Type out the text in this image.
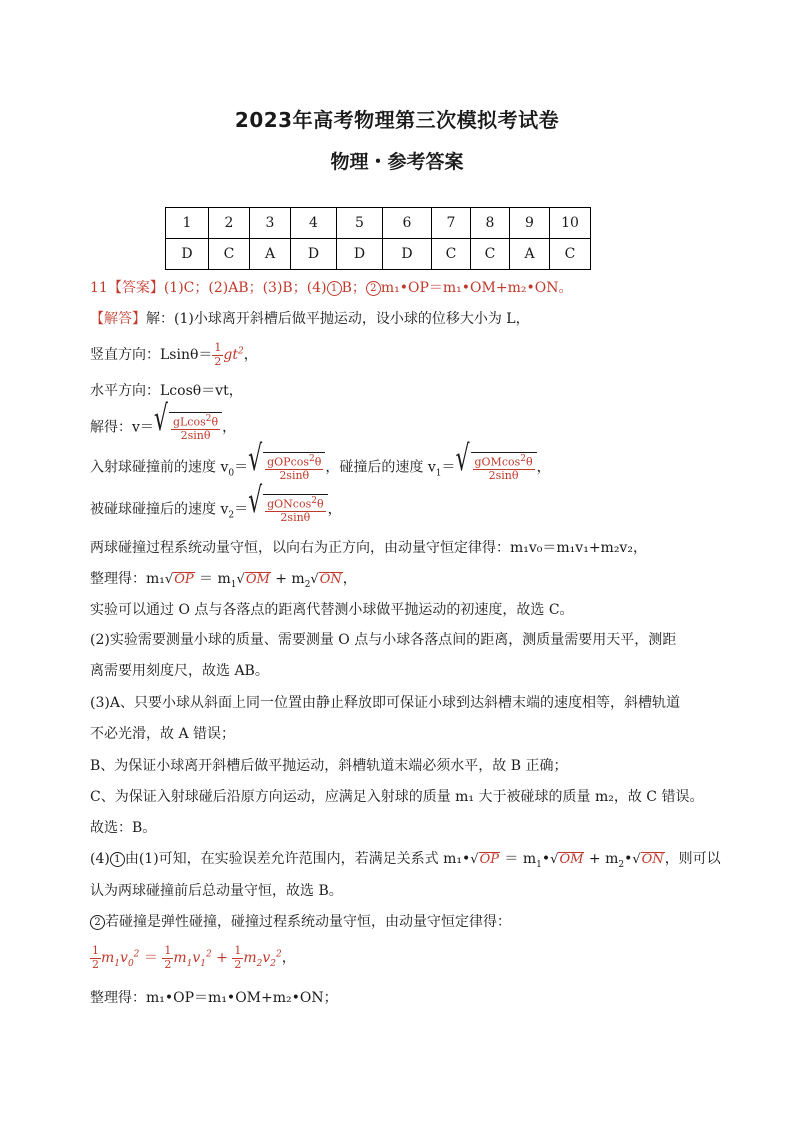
2023年高考物理第三次模拟考试卷
物理・参考答案
1	2	3	4	5	6	7	8	9	10
D	C	A	D	D	D	C	C	A	C
11【答案】(1)C；(2)AB；(3)B；(4) 1 B； 2 m₁•OP＝m₁•OM+m₂•ON。
【解答】解：(1)小球离开斜槽后做平抛运动，设小球的位移大小为 L，
竖直方向：$Lsin\theta= \frac{1}{2} gt^2$，
水平方向：Lcosθ＝vt，
解得：v＝ √ $\frac{gLcos^2\theta}{2\sin\theta}$ ，
入射球碰撞前的速度 $v_0=$ √ $\frac{gOPcos^2\theta}{2\sin\theta}$ ，碰撞后的速度 $v_1=$ √ $\frac{gOMcos^2\theta}{2\sin\theta}$ ，
被碰球碰撞后的速度 $v_2=$ √ $\frac{gONcos^2\theta}{2\sin\theta}$ ，
两球碰撞过程系统动量守恒，以向右为正方向，由动量守恒定律得：m₁v₀＝m₁v₁+m₂v₂，
整理得：m₁ √ OP ＝ $m_1$ √ OM + $m_2$ √ ON ，
实验可以通过 O 点与各落点的距离代替测小球做平抛运动的初速度，故选 C。
(2)实验需要测量小球的质量、需要测量 O 点与小球各落点间的距离，测质量需要用天平，测距
离需要用刻度尺，故选 AB。
(3)A、只要小球从斜面上同一位置由静止释放即可保证小球到达斜槽末端的速度相等，斜槽轨道
不必光滑，故 A 错误；
B、为保证小球离开斜槽后做平抛运动，斜槽轨道末端必须水平，故 B 正确；
C、为保证入射球碰后沿原方向运动，应满足入射球的质量 m₁ 大于被碰球的质量 m₂，故 C 错误。
故选：B。
(4) 1 由(1)可知，在实验误差允许范围内，若满足关系式 m₁• √ OP ＝ $m_1•$ √ OM + $m_2•$ √ ON ，则可以
认为两球碰撞前后总动量守恒，故选 B。
2 若碰撞是弹性碰撞，碰撞过程系统动量守恒，由动量守恒定律得：
$\frac{1}{2} m_1v_0^2 = \frac{1}{2} m_1v_1^2 + \frac{1}{2} m_2v_2^2$，
整理得：m₁•OP＝m₁•OM+m₂•ON；
